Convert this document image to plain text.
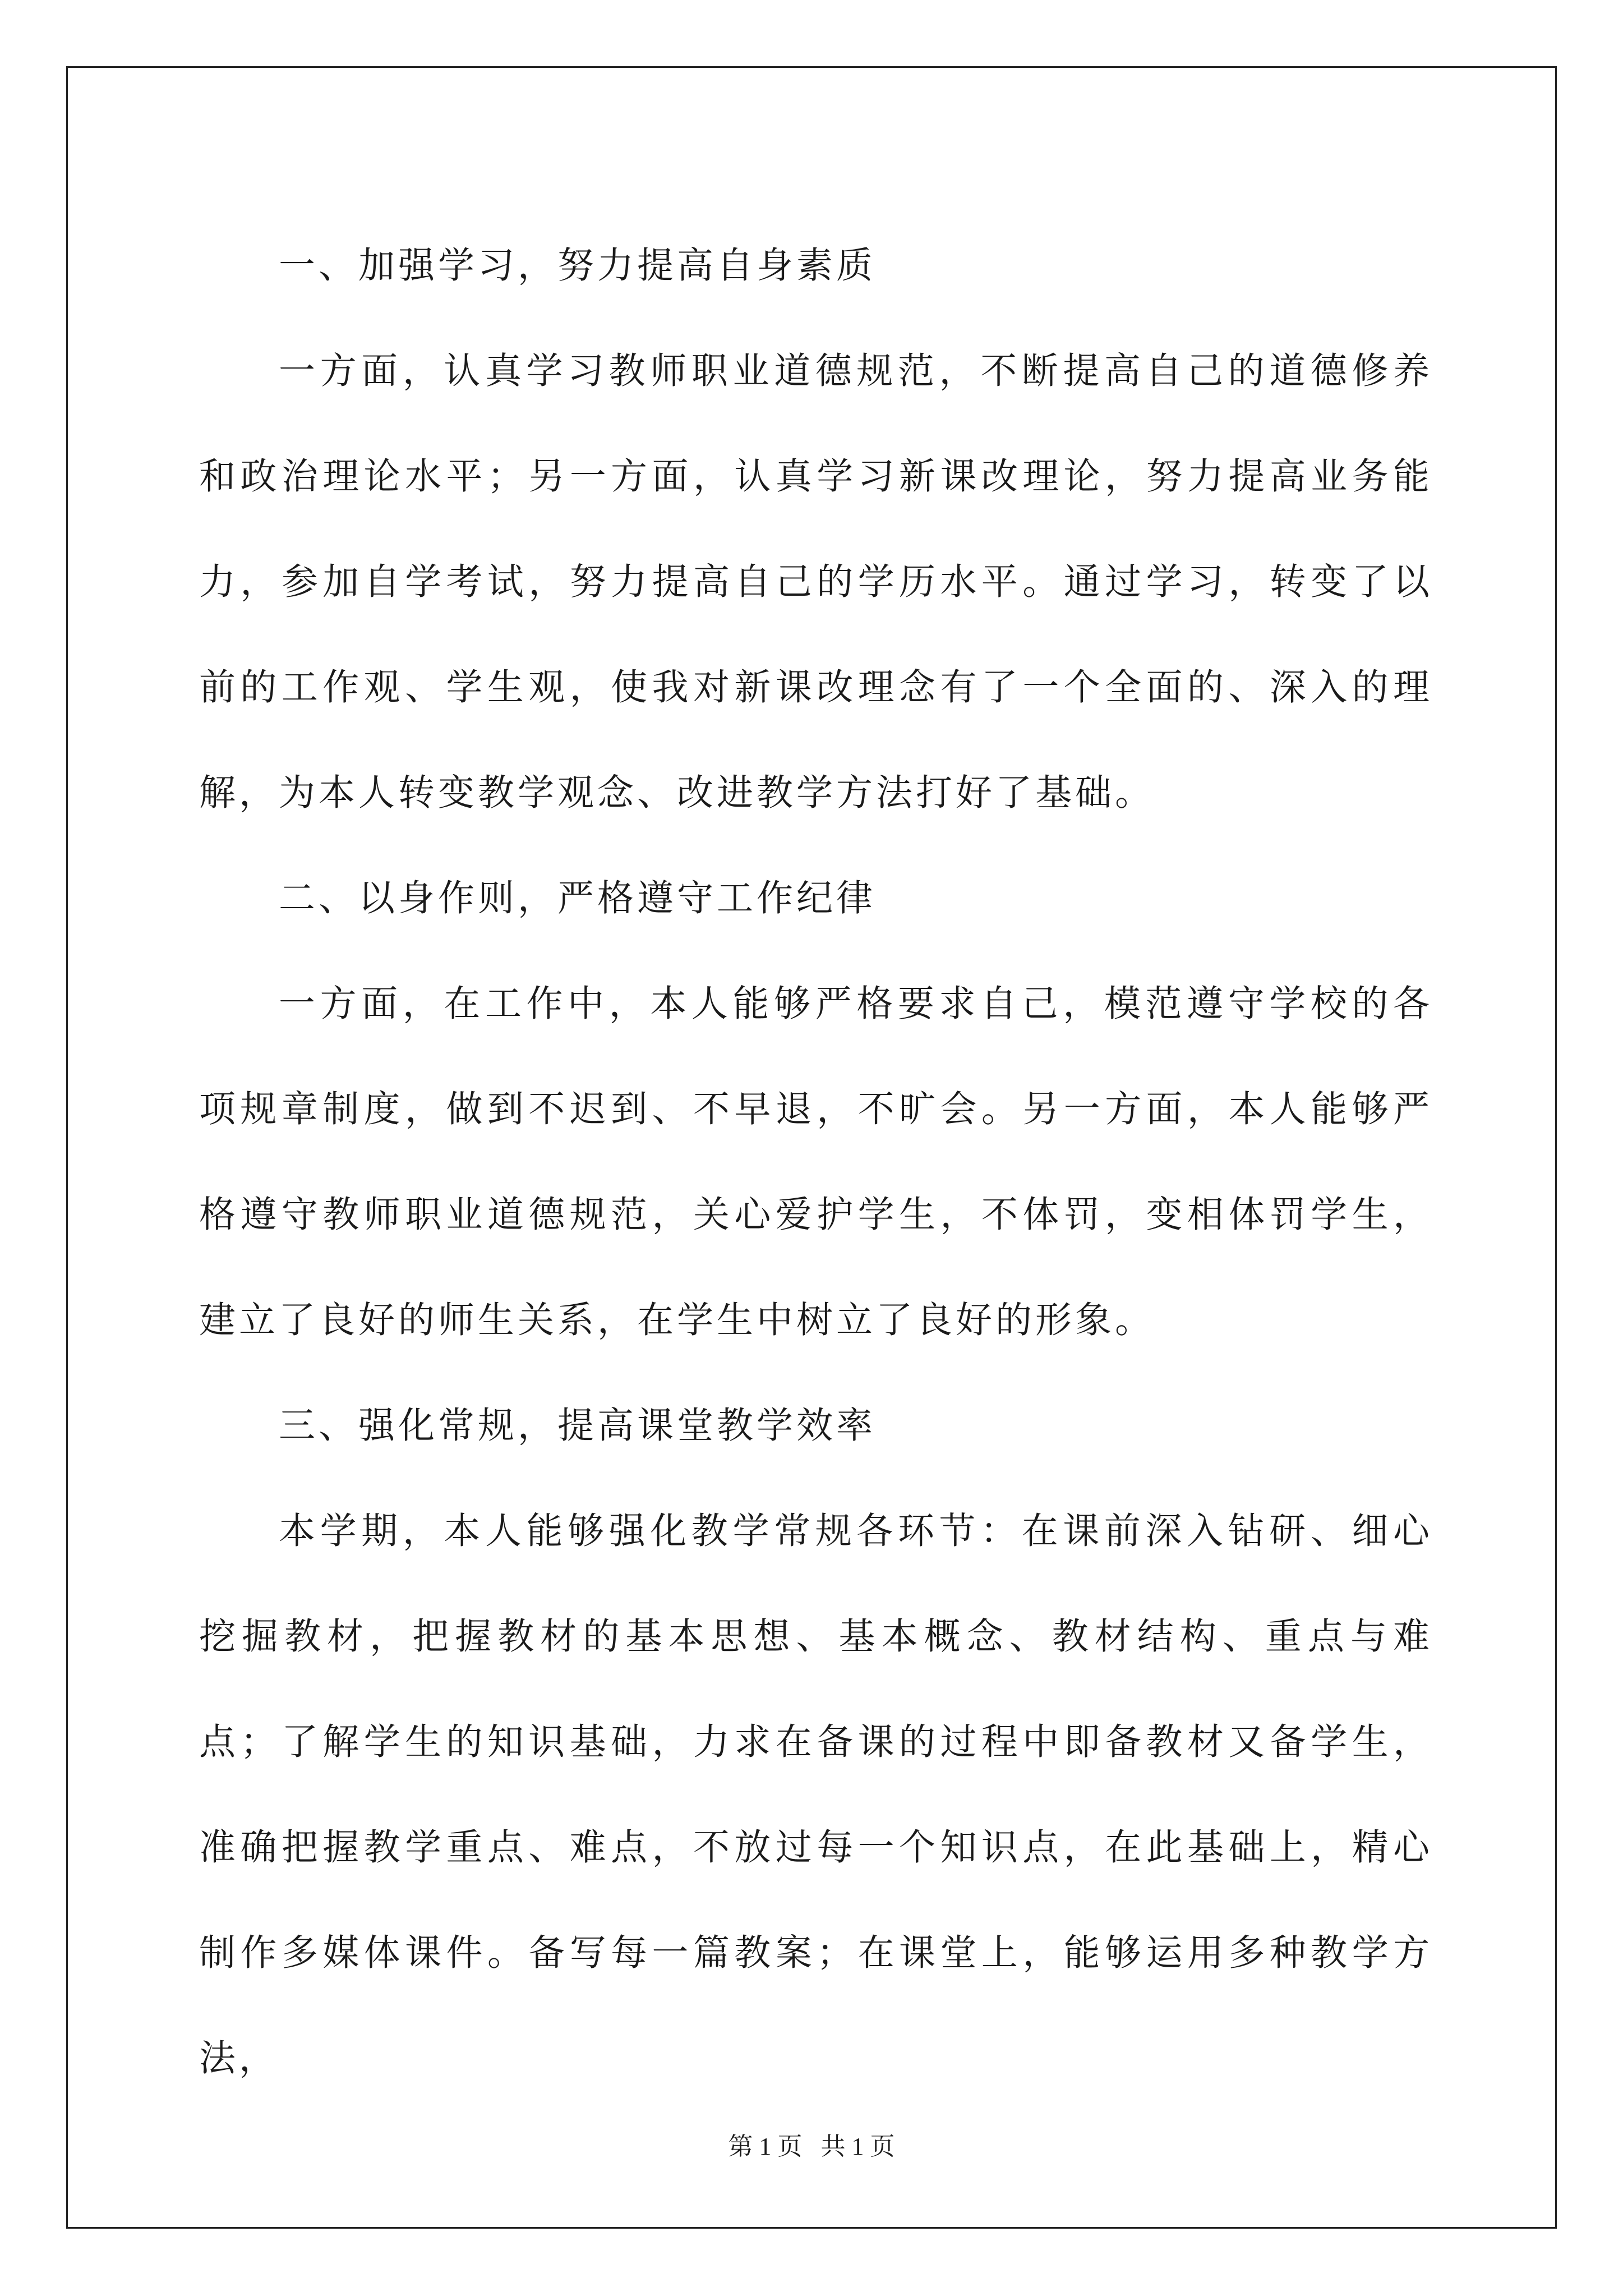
一、加强学习，努力提高自身素质

一方面，认真学习教师职业道德规范，不断提高自己的道德修养和政治理论水平；另一方面，认真学习新课改理论，努力提高业务能力，参加自学考试，努力提高自己的学历水平。通过学习，转变了以前的工作观、学生观，使我对新课改理念有了一个全面的、深入的理解，为本人转变教学观念、改进教学方法打好了基础。

二、以身作则，严格遵守工作纪律

一方面，在工作中，本人能够严格要求自己，模范遵守学校的各项规章制度，做到不迟到、不早退，不旷会。另一方面，本人能够严格遵守教师职业道德规范，关心爱护学生，不体罚，变相体罚学生，建立了良好的师生关系，在学生中树立了良好的形象。

三、强化常规，提高课堂教学效率

本学期，本人能够强化教学常规各环节：在课前深入钻研、细心挖掘教材，把握教材的基本思想、基本概念、教材结构、重点与难点；了解学生的知识基础，力求在备课的过程中即备教材又备学生，准确把握教学重点、难点，不放过每一个知识点，在此基础上，精心制作多媒体课件。备写每一篇教案；在课堂上，能够运用多种教学方法，

第 1 页   共 1 页
